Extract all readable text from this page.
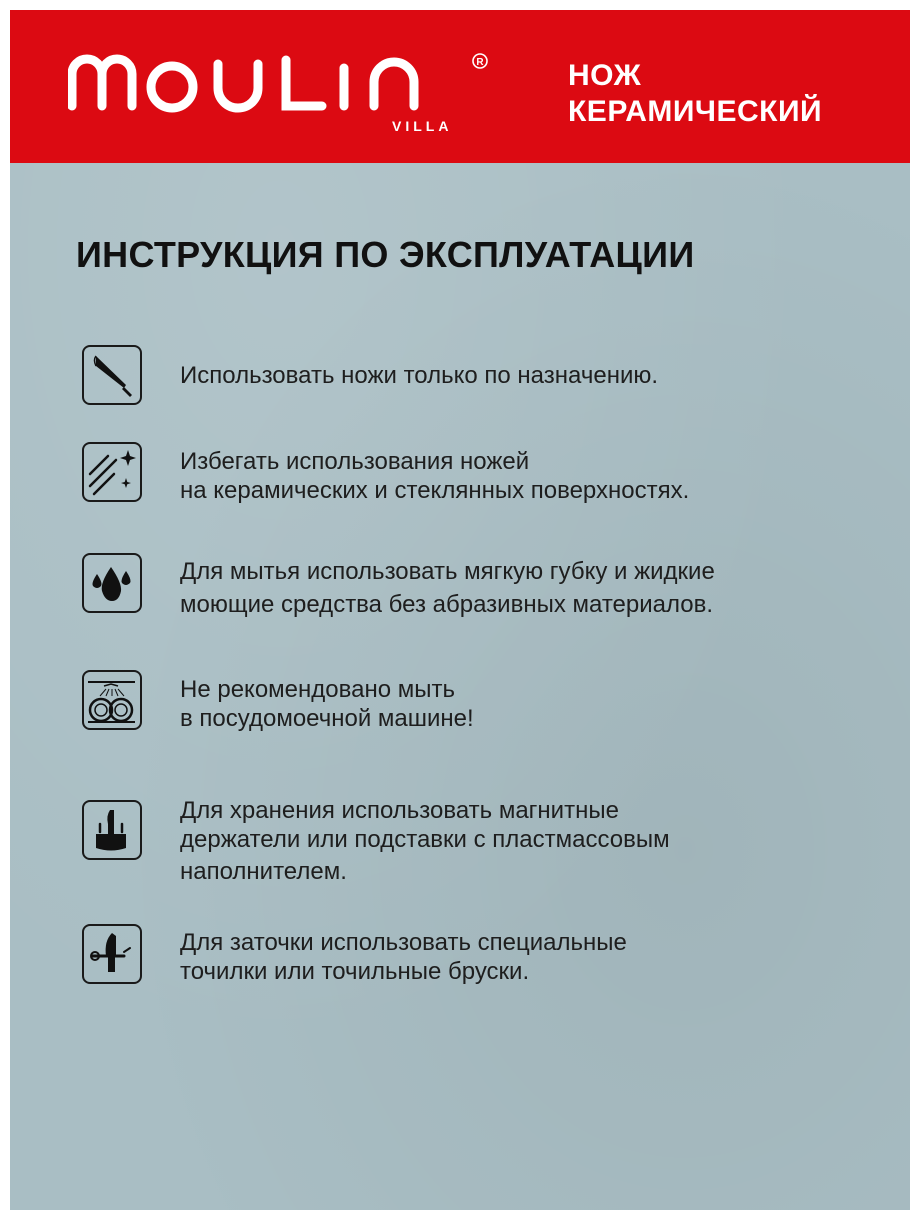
R
VILLA
НОЖ
КЕРАМИЧЕСКИЙ
ИНСТРУКЦИЯ ПО ЭКСПЛУАТАЦИИ
Использовать ножи только по назначению.
Избегать использования ножей
на керамических и стеклянных поверхностях.
Для мытья использовать мягкую губку и жидкие
моющие средства без абразивных материалов.
Не рекомендовано мыть
в посудомоечной машине!
Для хранения использовать магнитные
держатели или подставки с пластмассовым
наполнителем.
Для заточки использовать специальные
точилки или точильные бруски.
